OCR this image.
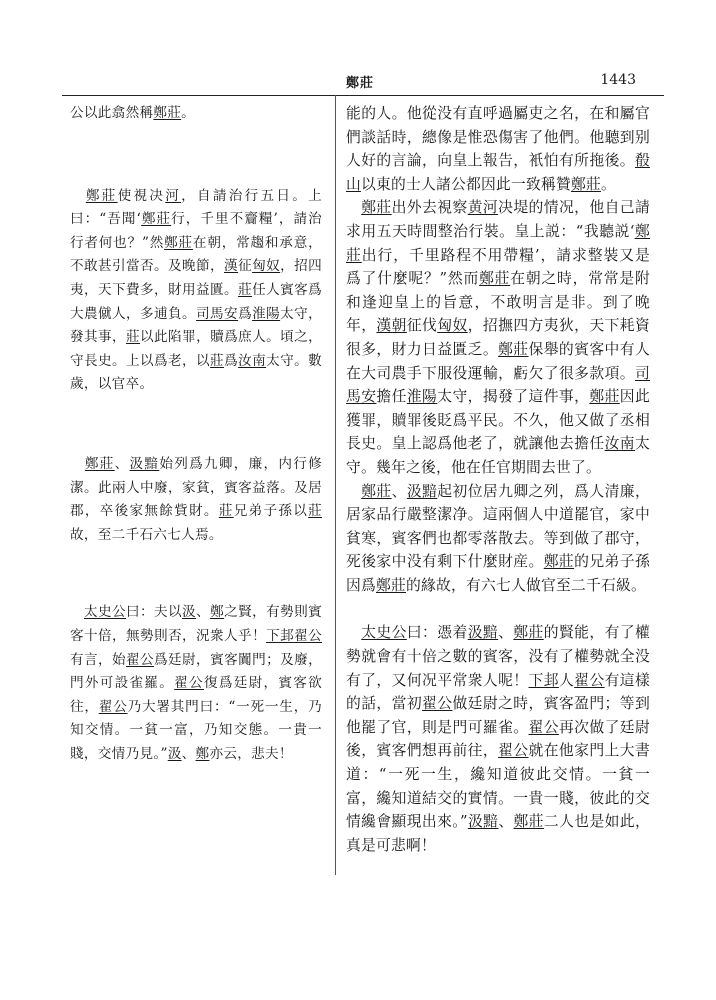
鄭莊	1443

公以此翕然稱鄭莊。

　鄭莊使視决河，自請治行五日。上曰：“吾聞‘鄭莊行，千里不齎糧’，請治行者何也？”然鄭莊在朝，常趨和承意，不敢甚引當否。及晚節，漢征匈奴，招四夷，天下費多，財用益匱。莊任人賓客爲大農僦人，多逋負。司馬安爲淮陽太守，發其事，莊以此陷罪，贖爲庶人。頃之，守長史。上以爲老，以莊爲汝南太守。數歲，以官卒。

　鄭莊、汲黯始列爲九卿，廉，内行修潔。此兩人中廢，家貧，賓客益落。及居郡，卒後家無餘貲財。莊兄弟子孫以莊故，至二千石六七人焉。

　太史公曰：夫以汲、鄭之賢，有勢則賓客十倍，無勢則否，況衆人乎！下邽翟公有言，始翟公爲廷尉，賓客闐門；及廢，門外可設雀羅。翟公復爲廷尉，賓客欲往，翟公乃大署其門曰：“一死一生，乃知交情。一貧一富，乃知交態。一貴一賤，交情乃見。”汲、鄭亦云，悲夫！

能的人。他從没有直呼過屬吏之名，在和屬官們談話時，總像是惟恐傷害了他們。他聽到别人好的言論，向皇上報告，衹怕有所拖後。殽山以東的士人諸公都因此一致稱贊鄭莊。

　鄭莊出外去視察黄河决堤的情况，他自己請求用五天時間整治行裝。皇上説：“我聽説‘鄭莊出行，千里路程不用帶糧’，請求整裝又是爲了什麼呢？”然而鄭莊在朝之時，常常是附和逢迎皇上的旨意，不敢明言是非。到了晚年，漢朝征伐匈奴，招撫四方夷狄，天下耗資很多，財力日益匱乏。鄭莊保舉的賓客中有人在大司農手下服役運輸，虧欠了很多款項。司馬安擔任淮陽太守，揭發了這件事，鄭莊因此獲罪，贖罪後貶爲平民。不久，他又做了丞相長史。皇上認爲他老了，就讓他去擔任汝南太守。幾年之後，他在任官期間去世了。

　鄭莊、汲黯起初位居九卿之列，爲人清廉，居家品行嚴整潔净。這兩個人中道罷官，家中貧寒，賓客們也都零落散去。等到做了郡守，死後家中没有剩下什麼財産。鄭莊的兄弟子孫因爲鄭莊的緣故，有六七人做官至二千石級。

　太史公曰：憑着汲黯、鄭莊的賢能，有了權勢就會有十倍之數的賓客，没有了權勢就全没有了，又何况平常衆人呢！下邽人翟公有這樣的話，當初翟公做廷尉之時，賓客盈門；等到他罷了官，則是門可羅雀。翟公再次做了廷尉後，賓客們想再前往，翟公就在他家門上大書道：“一死一生，纔知道彼此交情。一貧一富，纔知道結交的實情。一貴一賤，彼此的交情纔會顯現出來。”汲黯、鄭莊二人也是如此，真是可悲啊！
